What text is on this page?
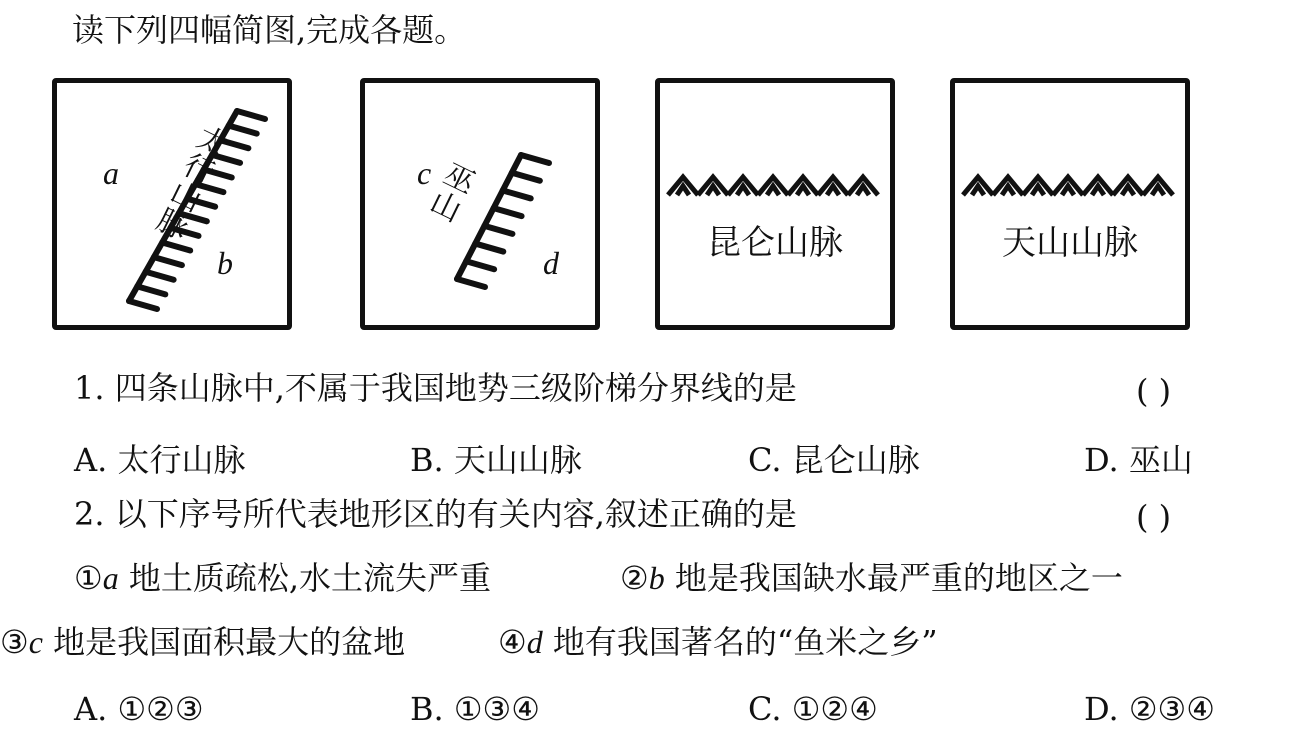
读下列四幅简图,完成各题。
太行山脉
a
b
巫山
c
d	昆仑山脉	天山山脉
1. 四条山脉中,不属于我国地势三级阶梯分界线的是	( )
A. 太行山脉	B. 天山山脉	C. 昆仑山脉	D. 巫山
2. 以下序号所代表地形区的有关内容,叙述正确的是	( )
①a 地土质疏松,水土流失严重	②b 地是我国缺水最严重的地区之一
③c 地是我国面积最大的盆地	④d 地有我国著名的“鱼米之乡”
A. ①②③	B. ①③④	C. ①②④	D. ②③④
